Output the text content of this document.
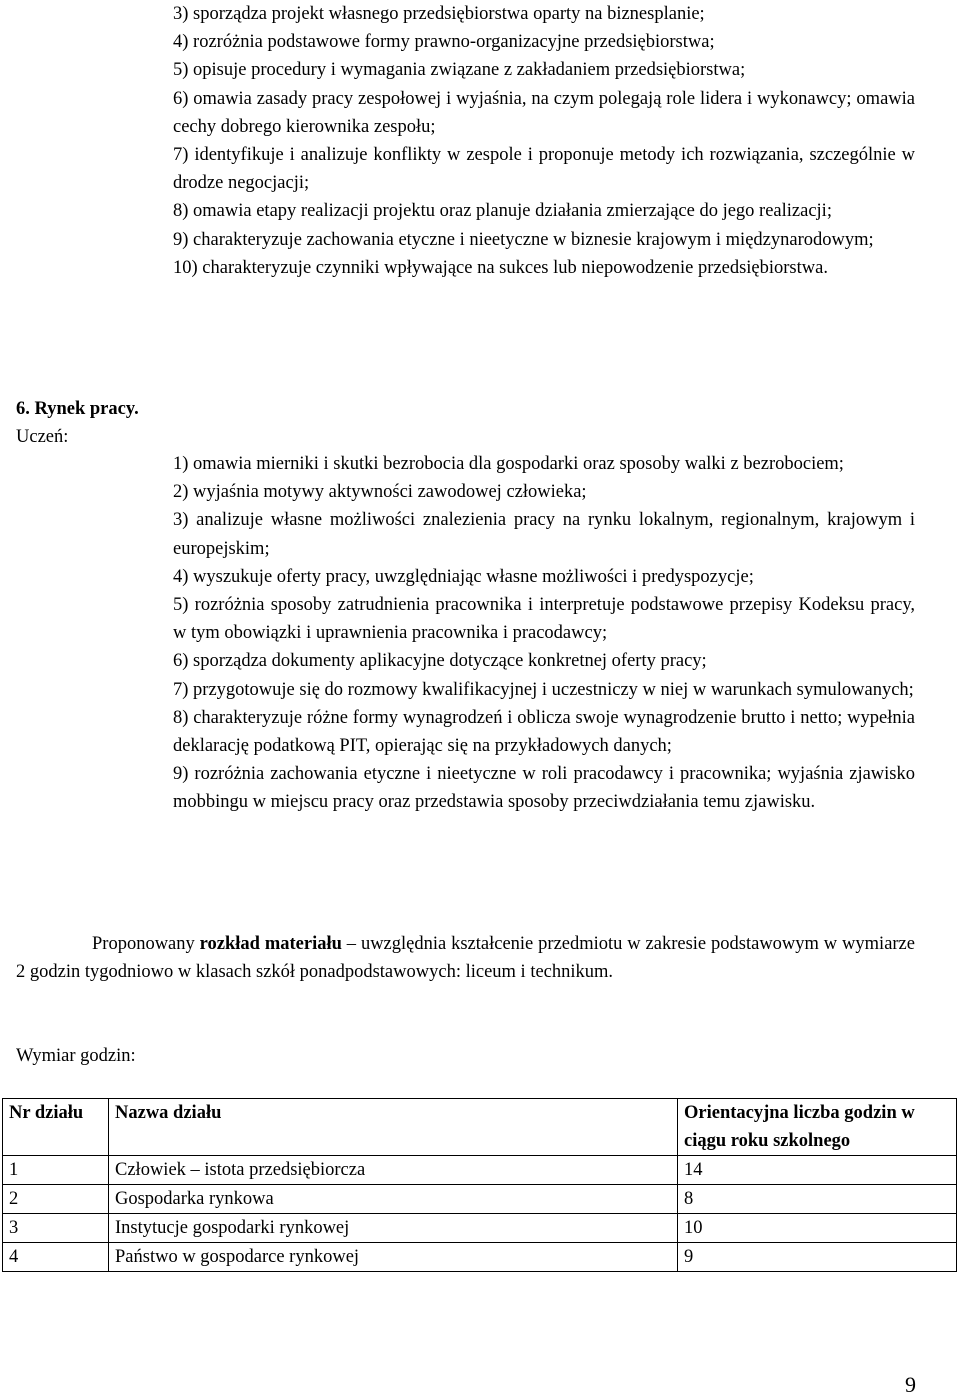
3) sporządza projekt własnego przedsiębiorstwa oparty na biznesplanie;

4) rozróżnia podstawowe formy prawno-organizacyjne przedsiębiorstwa;

5) opisuje procedury i wymagania związane z zakładaniem przedsiębiorstwa;

6) omawia zasady pracy zespołowej i wyjaśnia, na czym polegają role lidera i wykonawcy; omawia cechy dobrego kierownika zespołu;

7) identyfikuje i analizuje konflikty w zespole i proponuje metody ich rozwiązania, szczególnie w drodze negocjacji;

8) omawia etapy realizacji projektu oraz planuje działania zmierzające do jego realizacji;

9) charakteryzuje zachowania etyczne i nieetyczne w biznesie krajowym i międzynarodowym;

10) charakteryzuje czynniki wpływające na sukces lub niepowodzenie przedsiębiorstwa.

6. Rynek pracy.
Uczeń:

1) omawia mierniki i skutki bezrobocia dla gospodarki oraz sposoby walki z bezrobociem;

2) wyjaśnia motywy aktywności zawodowej człowieka;

3) analizuje własne możliwości znalezienia pracy na rynku lokalnym, regionalnym, krajowym i europejskim;

4) wyszukuje oferty pracy, uwzględniając własne możliwości i predyspozycje;

5) rozróżnia sposoby zatrudnienia pracownika i interpretuje podstawowe przepisy Kodeksu pracy, w tym obowiązki i uprawnienia pracownika i pracodawcy;

6) sporządza dokumenty aplikacyjne dotyczące konkretnej oferty pracy;

7) przygotowuje się do rozmowy kwalifikacyjnej i uczestniczy w niej w warunkach symulowanych;

8) charakteryzuje różne formy wynagrodzeń i oblicza swoje wynagrodzenie brutto i netto; wypełnia deklarację podatkową PIT, opierając się na przykładowych danych;

9) rozróżnia zachowania etyczne i nieetyczne w roli pracodawcy i pracownika; wyjaśnia zjawisko mobbingu w miejscu pracy oraz przedstawia sposoby przeciwdziałania temu zjawisku.

Proponowany rozkład materiału – uwzględnia kształcenie przedmiotu w zakresie podstawowym w wymiarze 2 godzin tygodniowo w klasach szkół ponadpodstawowych: liceum i technikum.

Wymiar godzin:

Nr działu	Nazwa działu	Orientacyjna liczba godzin w ciągu roku szkolnego
1	Człowiek – istota przedsiębiorcza	14
2	Gospodarka rynkowa	8
3	Instytucje gospodarki rynkowej	10
4	Państwo w gospodarce rynkowej	9
9
